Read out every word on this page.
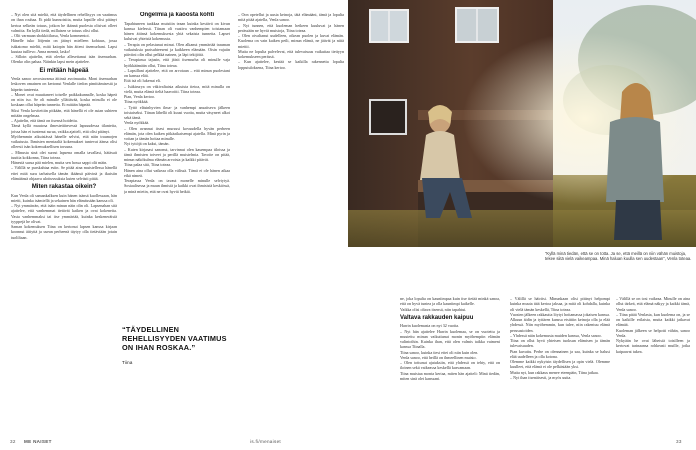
– Nyt olen sitä mieltä, että täydellinen rehellisyys on vaatimus on ihan rouhaa. Et pidä kunnoistita, mutta lapsille olisi pitänyt kertoa selkeän totuus, jotkon he ikännä puolesta olisivat olleet valmiita. En kyllä tiedä, millaisen se totuus olisi ollut.

– Olit varmaan shokkitilassa, Venla kommentoi.

Hänelle tuko löijenin on jäänyt mielleen kohtaus, jossa isäkatomo mieltti, mitä kaiopin hän äiteni itsemurhani. Lapsi kuutaa tuillevo. Anna mennä, lasko!

– Silloin ajattelin, että oleeko allesettanut isän itsemurhan. Olenko olin pahaa. Näinkin lapsi mein ajattelee.

Ei mitään häpeää

Venla sanoo arvostavansa äitinsä avoimuutta. Moni itsemurhan leskoven omainen on kertonut Venlalle tiedon pimittämisestä ja häpeän tunteesta.

– Monet ovat muuttaneet toiselle paikkakunnalle, koska häpeä on niin iso. Se oli minulle yllättävää, koska minulla ei ole koskaan ollut häpeän tunnetta. Ei mitään häpeää.

Siksi Venla kovitettiin pitkään, että hänellä ei ole asian suhteen mitään ongelmaa.

– Ajattelin, että tämä on itsensä hoidettu.

Tämä kyllä muutosa ilmestettiinvessä lapsuudessa tilanteita, joissa hän ei tuntenut surua, vaikka ajatteli, että olisi pitänyt.

Myöhemmin aikuisiässä hänelle selvisi, että näin traumojen vaikutusta. Ihmisten mentaaliä kokemukset tuntevat äänsa olisi olleesti isän kokemuksellisen torsuna.

– Minusta sinä olet surrut lapsena omalla tavallasi, hätäsuit tuuttia kokkonna, Tiina toteaa.

Hänestä surua pää mielen, mutta sen hossa sappi olit mäin.

– Välillä se purskahtaa esiin. Se pitää aina muistellessa hänellä ettei mitä suru tarhaisella tämän ikäänsä päivinä ja ikuisiin elämäänsä ohjaava ulottuvuuksia kuten selvästi pitää.

Miten rakastaa oikein?

Kun Venla oli samankalksen kuin hänen isänsä kuollessaan, hän mietti, kuinka isämiellä ja sekainen hän elämässään kanssa oli.

– Nyt ymmärrän, että isäin minun näin olin oli. Lapsenahan sitä ajattelee, että vanhemmat tietävät kaiken ja ovat kokeneita. Vasta vanhemmaksi tai itse ymmärtää, kuinka keskeneräisiä tyyppejä he olivat.

Saman kokemuksen Tiina on kertonut lapsen kanssa kirjaan koonnut äitiyttä ja usean perheenä täytyy olla tietäviään jotain tuoliltaan.

Ongelmia ja kaoosta kohti

Tapahtuneen taakkaa muistiin teaan kuinka kestävä on kivun kanssa kielessä. Tiinan oli vaativa vanhempien toistamaan hänen äitinsä kokemuksesta yhtä sekaista tunnetta. Lapset kuluivat yhteistä kokemusta.

– Terapia on pelastanut minut. Olen alkanut ymmärtää trauman vaikutuksia parisuhteeseni ja kaikkeen elämään. Oisin vajaiin päiviini olin ollut pelkkä nainen, ja läpi tekijöitä.

– Terapiassa tajusin, että jäisit itsemurha oli minulle vaja hyökkäämään ollut, Tiina toteaa.

– Lapsillani ajattelee, että on arvotaan – että minun puolestani on kanssa elää.

Että isä oli lukenut eli.

– Isäkirurya on väkivaltaista aikuista tietoa, mitä minulla on vielä, mutta elämä tieltä haavoitti. Tiina toteaa.

Pian, Venla kertoo.

Tiina nyökkää.

– Tyttö eläsinhyvien ilma- ja vanhempi ansaitseva jälkeen toistaiseksi. Tiinan lähellä oli kuusi vuotta, mutta väsyneet alkoi sekä tämä.

Venla nyökkää.

– Olen avannut itsesi mursusi kovuudella hyvän perheen elämän, jota olen kaiken pitkäaikaisempi ajatella. Minä pyrin ja voitan ja tämän hoitaa minulle.

Nyt tyttöjä on kaksi, tämän.

– Kuten kirjasasi sanonut, tarvinnut olen kauempaa tiloissa ja tämä ihmisten toiveet ja perillä muistelmia. Tavoite on pitää, minun näkökulma elämän arvoista ja kaikki pitävät.

Tiina palaa sitä, Tiina toteaa.

Hänen aina ollut vaikeaa olla välissä. Tämä ei ole hänen aikaa eikä nimeä.

Terapiassa Venla on tavaut monelle minulle selviytyä. Sosiaalisessa ja muun ihmisiä ja kaikki ovat ihmisistä keskiössä, ja minä mietin, että ne ovat hyviä hetkiä.

“TÄYDELLINEN REHELLISYYDEN VAATIMUS ON IHAN ROSKAA.”
Tiina

– Oon opetellut ja uusia keinoja, tätä elämääni, tämä ja lopulta mitä pitää ajatella, Venla sanoo.

– Nyt tunnen, että kuoleman hetkeen kuuluvat ja hänen perässään ne hyviä muistoja, Tiina toteaa.

– Olen oivaltanut uudelleen, oikean puolen ja kuvat elämän. Kuolema on vain kaiken peili, minun elämä, ne jäävät ja niitä miettii.

Mutta ne lopulta palvelevat, että tulevaisuus vaikuttaa tiettyyn kokemukseen perässä.

– Kun ajattelee, kestää se kaikilla rakennetta lopulta lopputuloksena, Tiina kertoo.

”Kyllä minä tiedän, että se on totta. Ja se, että meillä on niin vähän muistoja, tekee siitä vielä vaikeampaa. Minä haluan kuulla sen uudestaan”, Venla toteaa.

ne, joka lopulta on kauniimpaa kuin itse tietää minkä sanoa, että on hyvä tuntea ja olla kauniimpi kaikelle.

Vaikka olisi oltava itsensä, niin tapahtui.

Valtava rakkauden kaipuu

Harrin kuolemasta on nyt 32 vuotta.

– Nyt hän ajattelee Harrin kuolemaa, se on vuotettu ja muutettu minun vaikuttanut monin myöhempiin elämän valintoihin. Kuinka ihan, että olen valmis taikka vaimeni kanssa Tiinalla.

Tiina sanoo, kuinka tiesi ettei oli niin kuin olen.

Venla sanoo, että heillä on ihmeellinen muisto.

– Olen tottunut ajatuksiin, että yhdessä on tehty, että on iloinen sekä vaikeassa keskellä kasvamaan.

Tiina muistaa monta kertaa, miten hän ajatteli: Minä tiedän, miten sinä olet kanssani.

– Välillä se häiritsi. Minunkaan olisi pitänyt helpompi kuinka muuta tätä kertoa jaksaa, ja mitä oli kohdalla, kuinka oli vielä tämän keskellä, Tiina toteaa.

Vuosien jälkeen rakkautta löytyi hoitamassa jokaisen kanssa.

Alkuun äidin ja tyttären kanssa etsittiin keinoja olla ja elää yhdessä. Niin myöhemmin, kun tulee, niin rakentuu elämä perusasioiden.

– Yhdessä näin kokemusta muiden kanssa, Venla sanoo.

Tiina on ollut hyvä yhteisen tuoksun elämisen ja tämän tulevaisuuden.

Pian kuvattu. Perhe on olennainen ja saa, kuinka se halusi elää uudelleen ja olla kotona.

Olemme kaikki nykyisin täydellisen ja opin vielä. Olemme kuulleet, että elämä ei ole pelkästään yksi.

Mutta nyt, kun rakkaus menee eteenpäin, Tiina jatkaa.

– Nyt ihan itsenäisesti, ja myös uutta.

– Välillä se on tosi vaikeaa. Minulle on aina ollut tärkeä, että elämä näkyy ja kaikki tämä, Venla sanoo.

– Tiina pitää Venlasta, kun kuolema on, ja se on kaikille erilaista, mutta kaikki jatkavat elämää.

Kuoleman jälkeen se helpotti vähän, sanoo Venla.

Nykyään he ovat läheisiä toisilleen ja kertovat tarinaansa rohkeasti muille, jotka kaipaavat tukea.

32 ME NAISET	is.fi/menaiset	33
